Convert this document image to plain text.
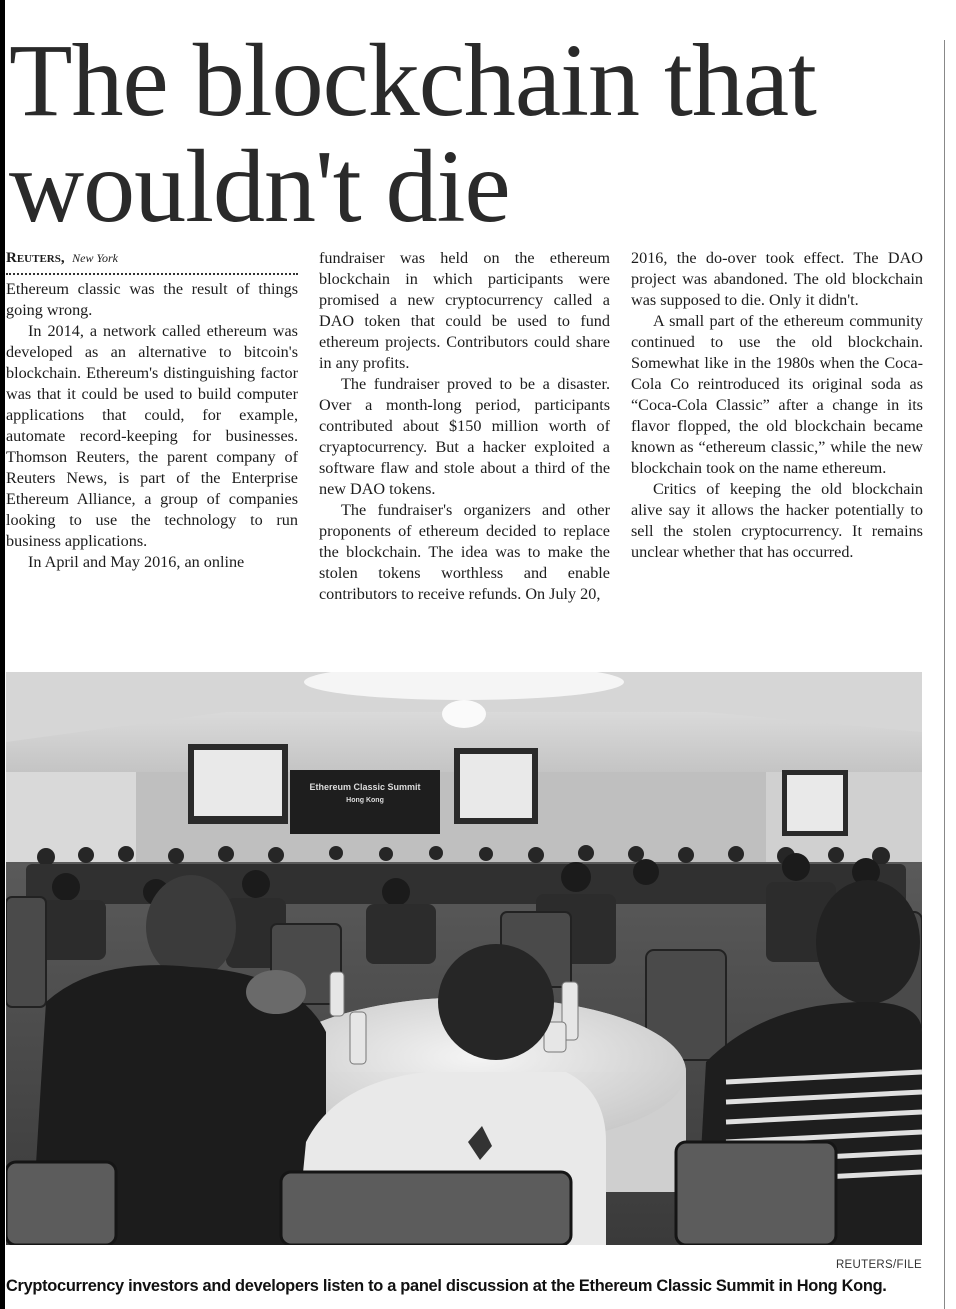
The blockchain that
wouldn't die
Reuters, New York

Ethereum classic was the result of things going wrong.

In 2014, a network called ethereum was developed as an alternative to bitcoin's blockchain. Ethereum's distinguishing factor was that it could be used to build computer applications that could, for example, automate record-keeping for businesses. Thomson Reuters, the parent company of Reuters News, is part of the Enterprise Ethereum Alliance, a group of companies looking to use the technology to run business applications.

In April and May 2016, an online

fundraiser was held on the ethereum blockchain in which participants were promised a new cryptocurrency called a DAO token that could be used to fund ethereum projects. Contributors could share in any profits.

The fundraiser proved to be a disaster. Over a month-long period, participants contributed about $150 million worth of cryaptocurrency. But a hacker exploited a software flaw and stole about a third of the new DAO tokens.

The fundraiser's organizers and other proponents of ethereum decided to replace the blockchain. The idea was to make the stolen tokens worthless and enable contributors to receive refunds. On July 20,

2016, the do-over took effect. The DAO project was abandoned. The old blockchain was supposed to die. Only it didn't.

A small part of the ethereum community continued to use the old blockchain. Somewhat like in the 1980s when the Coca-Cola Co reintroduced its original soda as “Coca-Cola Classic” after a change in its flavor flopped, the old blockchain became known as “ethereum classic,” while the new blockchain took on the name ethereum.

Critics of keeping the old blockchain alive say it allows the hacker potentially to sell the stolen cryptocurrency. It remains unclear whether that has occurred.

Ethereum Classic Summit
Hong Kong
REUTERS/FILE
Cryptocurrency investors and developers listen to a panel discussion at the Ethereum Classic Summit in Hong Kong.
